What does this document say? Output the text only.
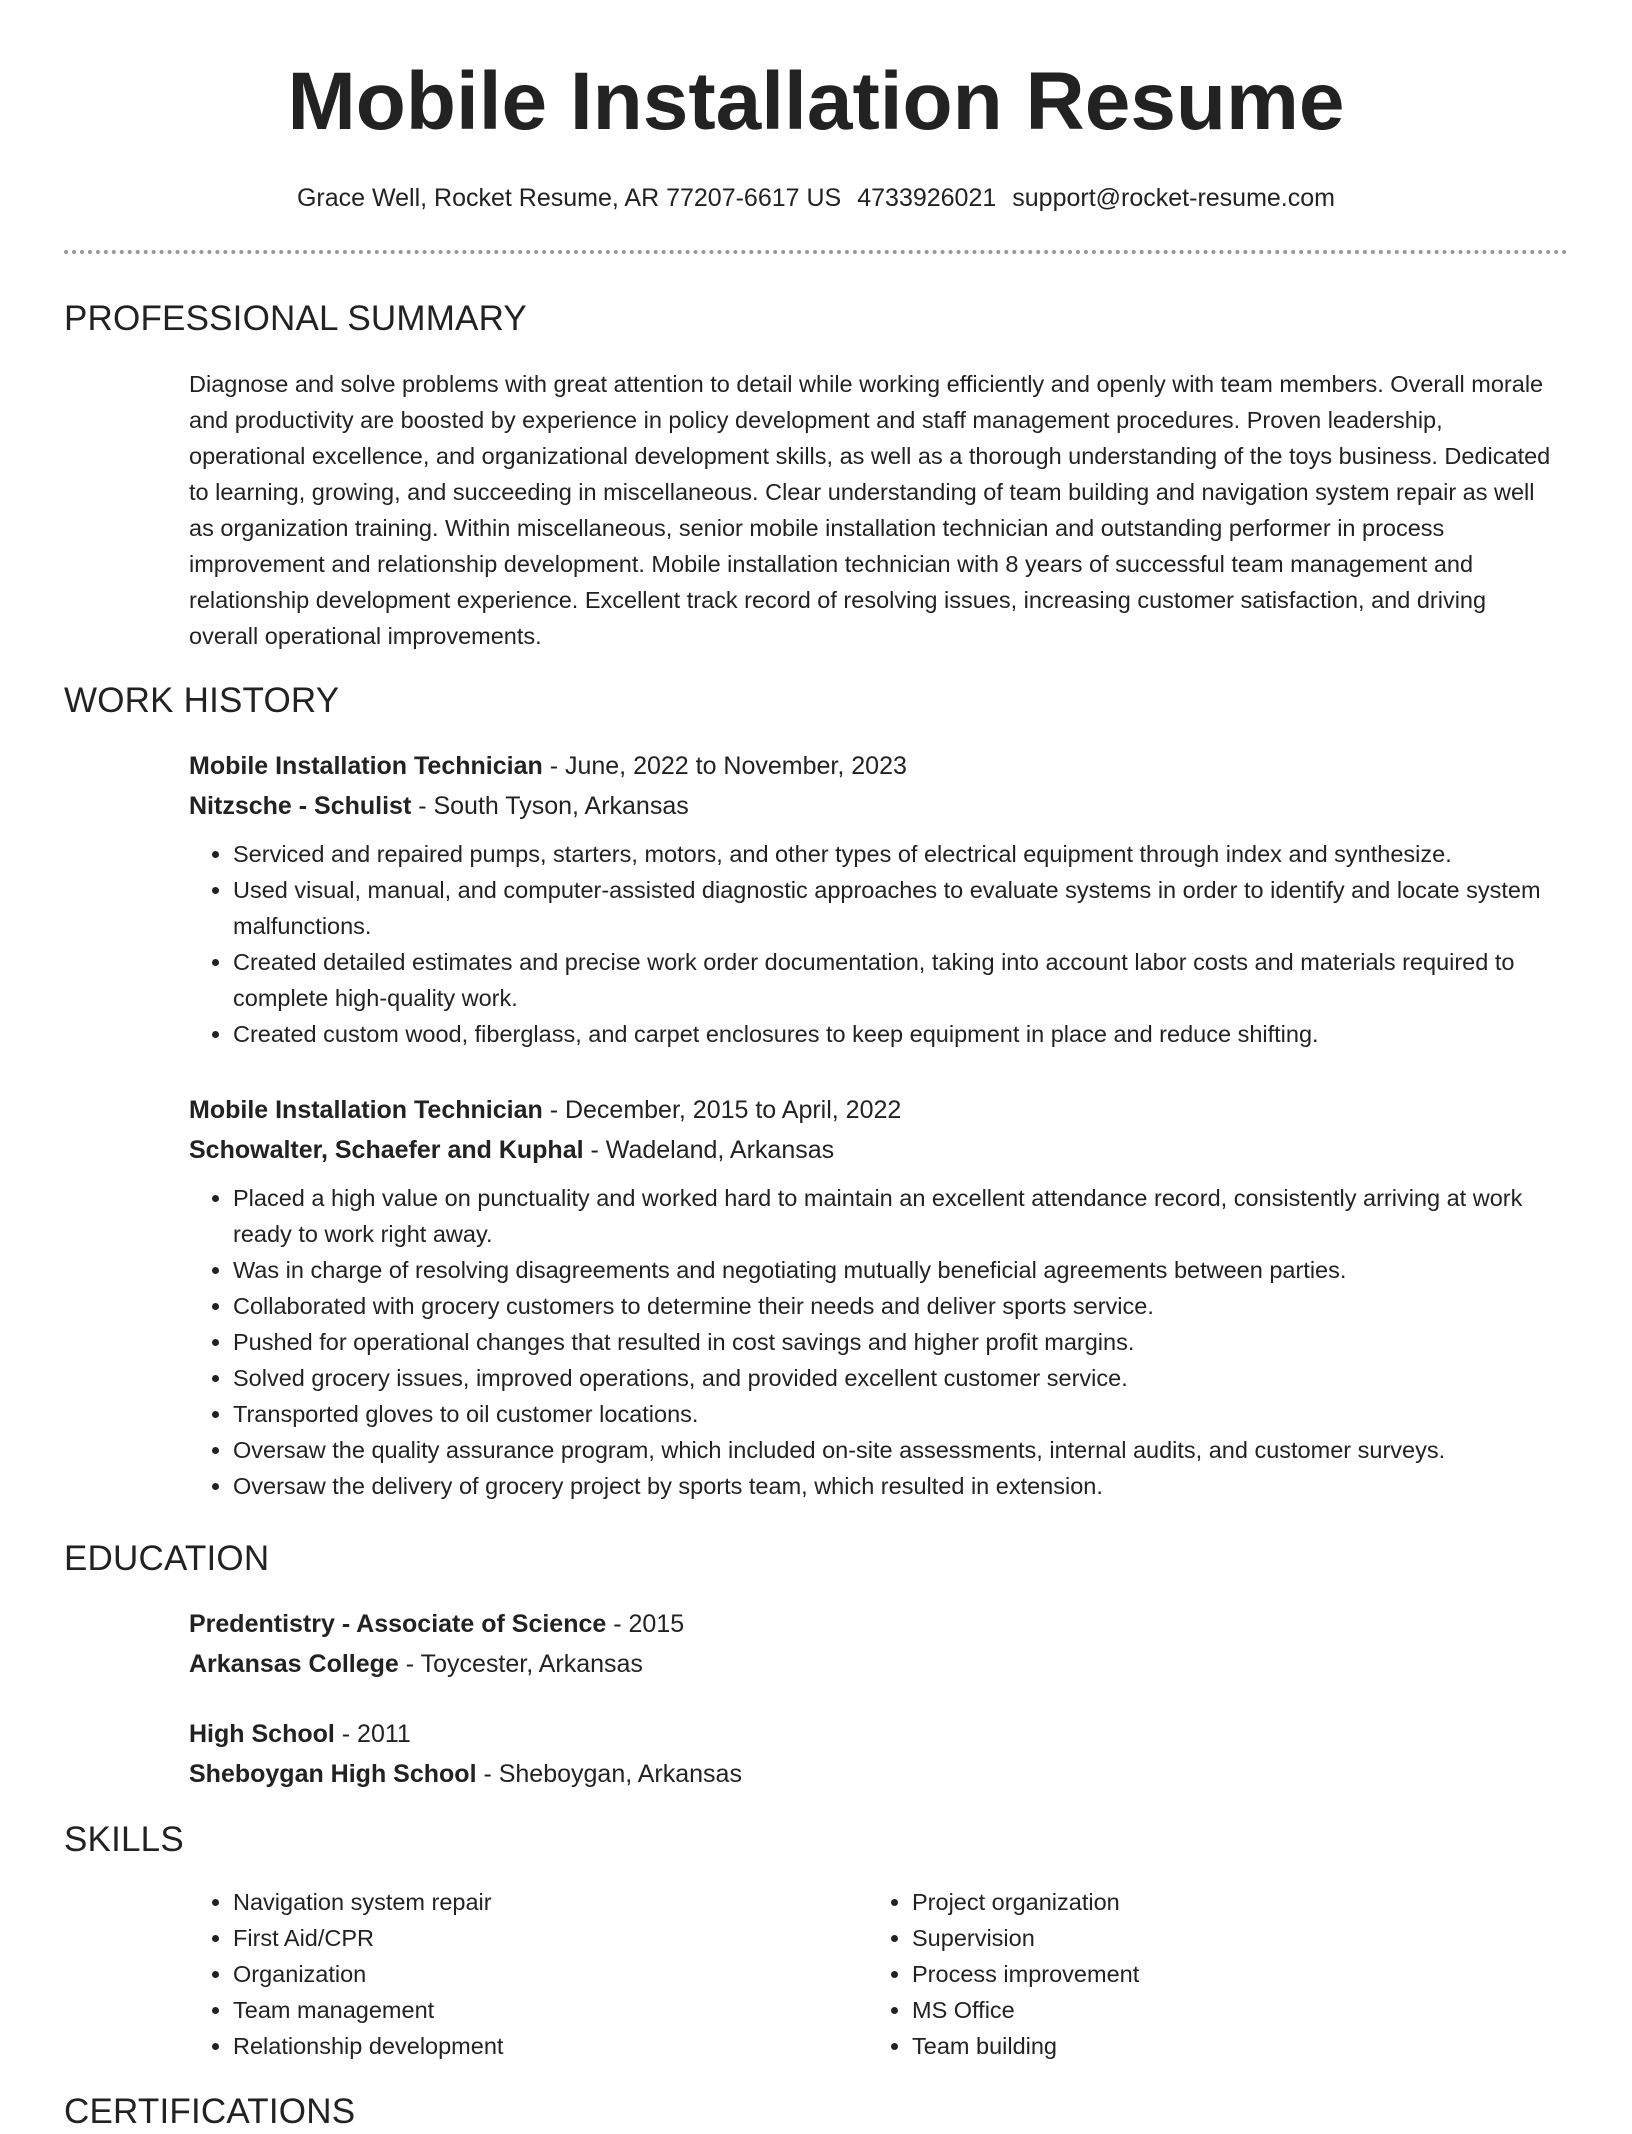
Mobile Installation Resume
Grace Well, Rocket Resume, AR 77207-6617 US 4733926021 support@rocket-resume.com
PROFESSIONAL SUMMARY

Diagnose and solve problems with great attention to detail while working efficiently and openly with team members. Overall morale and productivity are boosted by experience in policy development and staff management procedures. Proven leadership, operational excellence, and organizational development skills, as well as a thorough understanding of the toys business. Dedicated to learning, growing, and succeeding in miscellaneous. Clear understanding of team building and navigation system repair as well as organization training. Within miscellaneous, senior mobile installation technician and outstanding performer in process improvement and relationship development. Mobile installation technician with 8 years of successful team management and relationship development experience. Excellent track record of resolving issues, increasing customer satisfaction, and driving overall operational improvements.

WORK HISTORY

Mobile Installation Technician - June, 2022 to November, 2023

Nitzsche - Schulist - South Tyson, Arkansas

• Serviced and repaired pumps, starters, motors, and other types of electrical equipment through index and synthesize.
• Used visual, manual, and computer-assisted diagnostic approaches to evaluate systems in order to identify and locate system malfunctions.
• Created detailed estimates and precise work order documentation, taking into account labor costs and materials required to complete high-quality work.
• Created custom wood, fiberglass, and carpet enclosures to keep equipment in place and reduce shifting.

Mobile Installation Technician - December, 2015 to April, 2022

Schowalter, Schaefer and Kuphal - Wadeland, Arkansas

• Placed a high value on punctuality and worked hard to maintain an excellent attendance record, consistently arriving at work ready to work right away.
• Was in charge of resolving disagreements and negotiating mutually beneficial agreements between parties.
• Collaborated with grocery customers to determine their needs and deliver sports service.
• Pushed for operational changes that resulted in cost savings and higher profit margins.
• Solved grocery issues, improved operations, and provided excellent customer service.
• Transported gloves to oil customer locations.
• Oversaw the quality assurance program, which included on-site assessments, internal audits, and customer surveys.
• Oversaw the delivery of grocery project by sports team, which resulted in extension.
EDUCATION

Predentistry - Associate of Science - 2015

Arkansas College - Toycester, Arkansas

High School - 2011

Sheboygan High School - Sheboygan, Arkansas

SKILLS
• Navigation system repair
• First Aid/CPR
• Organization
• Team management
• Relationship development
• Project organization
• Supervision
• Process improvement
• MS Office
• Team building
CERTIFICATIONS
